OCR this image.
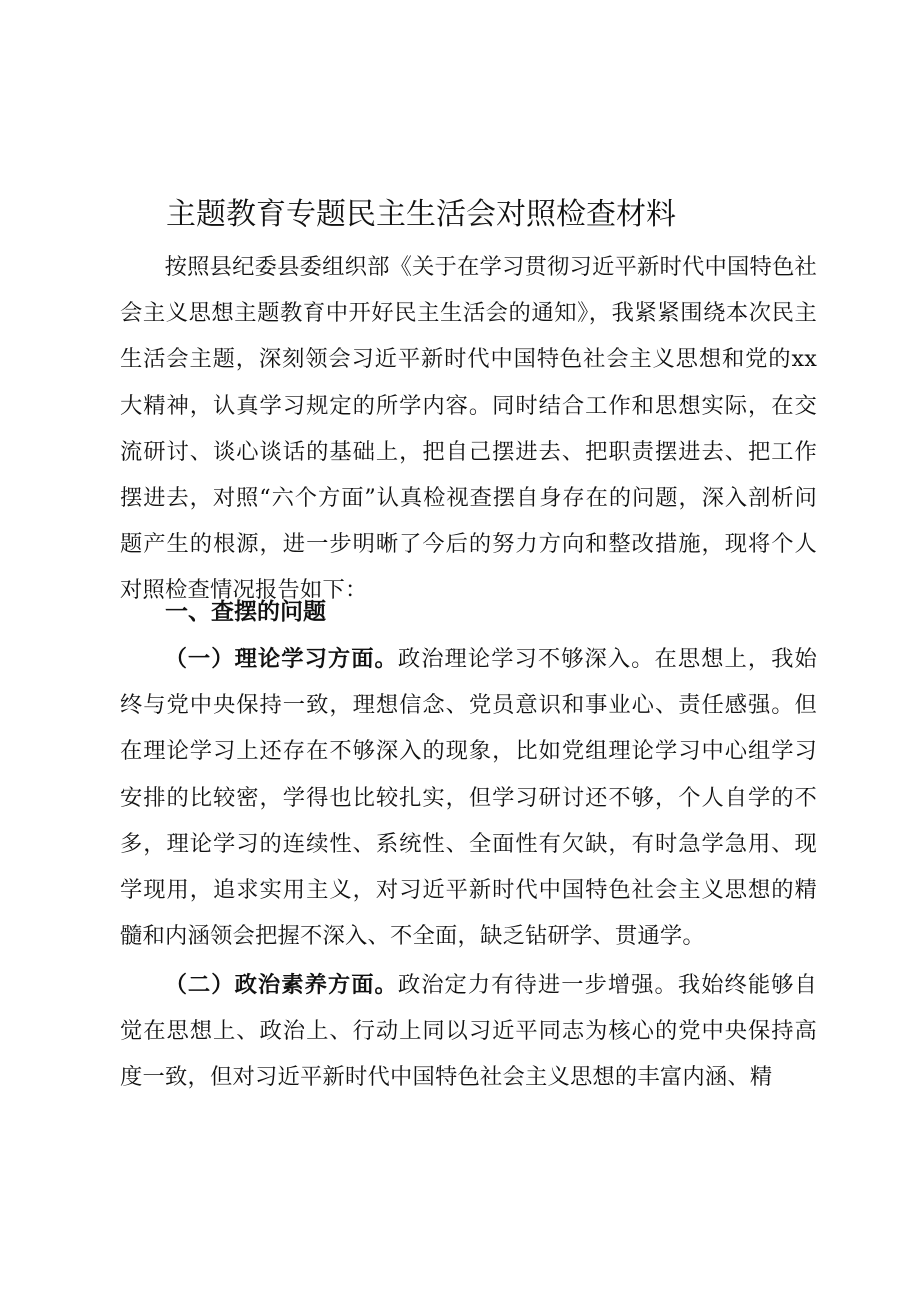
主题教育专题民主生活会对照检查材料

按照县纪委县委组织部《关于在学习贯彻习近平新时代中国特色社会主义思想主题教育中开好民主生活会的通知》，我紧紧围绕本次民主生活会主题，深刻领会习近平新时代中国特色社会主义思想和党的xx大精神，认真学习规定的所学内容。同时结合工作和思想实际，在交流研讨、谈心谈话的基础上，把自己摆进去、把职责摆进去、把工作摆进去，对照“六个方面”认真检视查摆自身存在的问题，深入剖析问题产生的根源，进一步明晰了今后的努力方向和整改措施，现将个人对照检查情况报告如下：

一、查摆的问题

（一）理论学习方面。政治理论学习不够深入。在思想上，我始终与党中央保持一致，理想信念、党员意识和事业心、责任感强。但在理论学习上还存在不够深入的现象，比如党组理论学习中心组学习安排的比较密，学得也比较扎实，但学习研讨还不够，个人自学的不多，理论学习的连续性、系统性、全面性有欠缺，有时急学急用、现学现用，追求实用主义，对习近平新时代中国特色社会主义思想的精髓和内涵领会把握不深入、不全面，缺乏钻研学、贯通学。

（二）政治素养方面。政治定力有待进一步增强。我始终能够自觉在思想上、政治上、行动上同以习近平同志为核心的党中央保持高度一致，但对习近平新时代中国特色社会主义思想的丰富内涵、精
